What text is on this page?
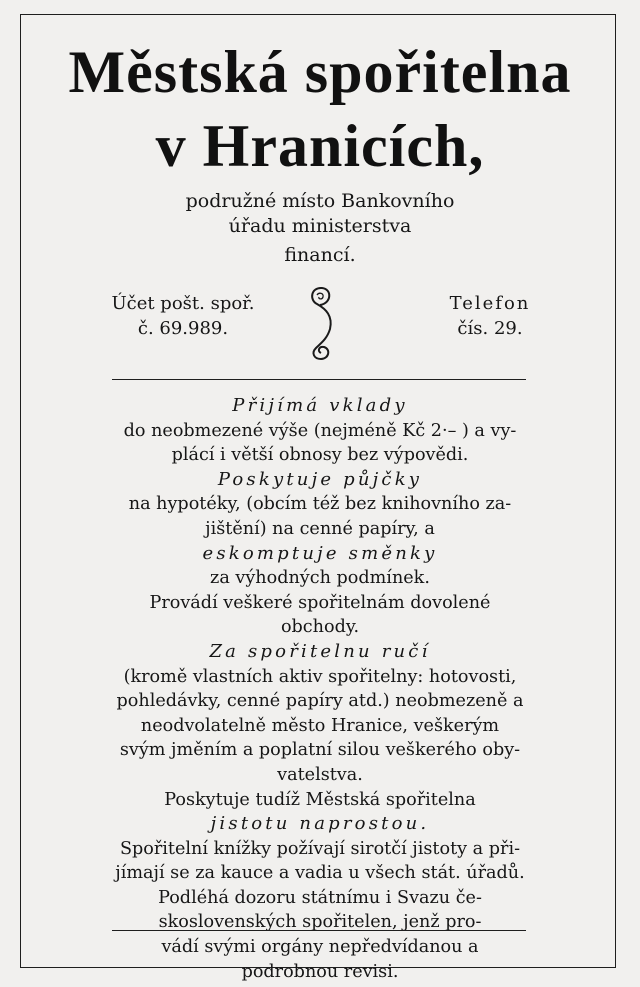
Městská spořitelna
v Hranicích,
podružné místo Bankovního
úřadu ministerstva
financí.
Účet pošt. spoř.
č. 69.989.
Telefon
čís. 29.

Přijímá vklady

do neobmezené výše (nejméně Kč 2·– ) a vy-

plácí i větší obnosy bez výpovědi.

Poskytuje půjčky

na hypotéky, (obcím též bez knihovního za-

jištění) na cenné papíry, a

eskomptuje směnky

za výhodných podmínek.

Provádí veškeré spořitelnám dovolené obchody.

Za spořitelnu ručí

(kromě vlastních aktiv spořitelny: hotovosti,

pohledávky, cenné papíry atd.) neobmezeně a

neodvolatelně město Hranice, veškerým

svým jměním a poplatní silou veškerého oby-

vatelstva.

Poskytuje tudíž Městská spořitelna

jistotu naprostou.

Spořitelní knížky požívají sirotčí jistoty a při-

jímají se za kauce a vadia u všech stát. úřadů.

Podléhá dozoru státnímu i Svazu če-

skoslovenských spořitelen, jenž pro-

vádí svými orgány nepředvídanou a

podrobnou revisi.
